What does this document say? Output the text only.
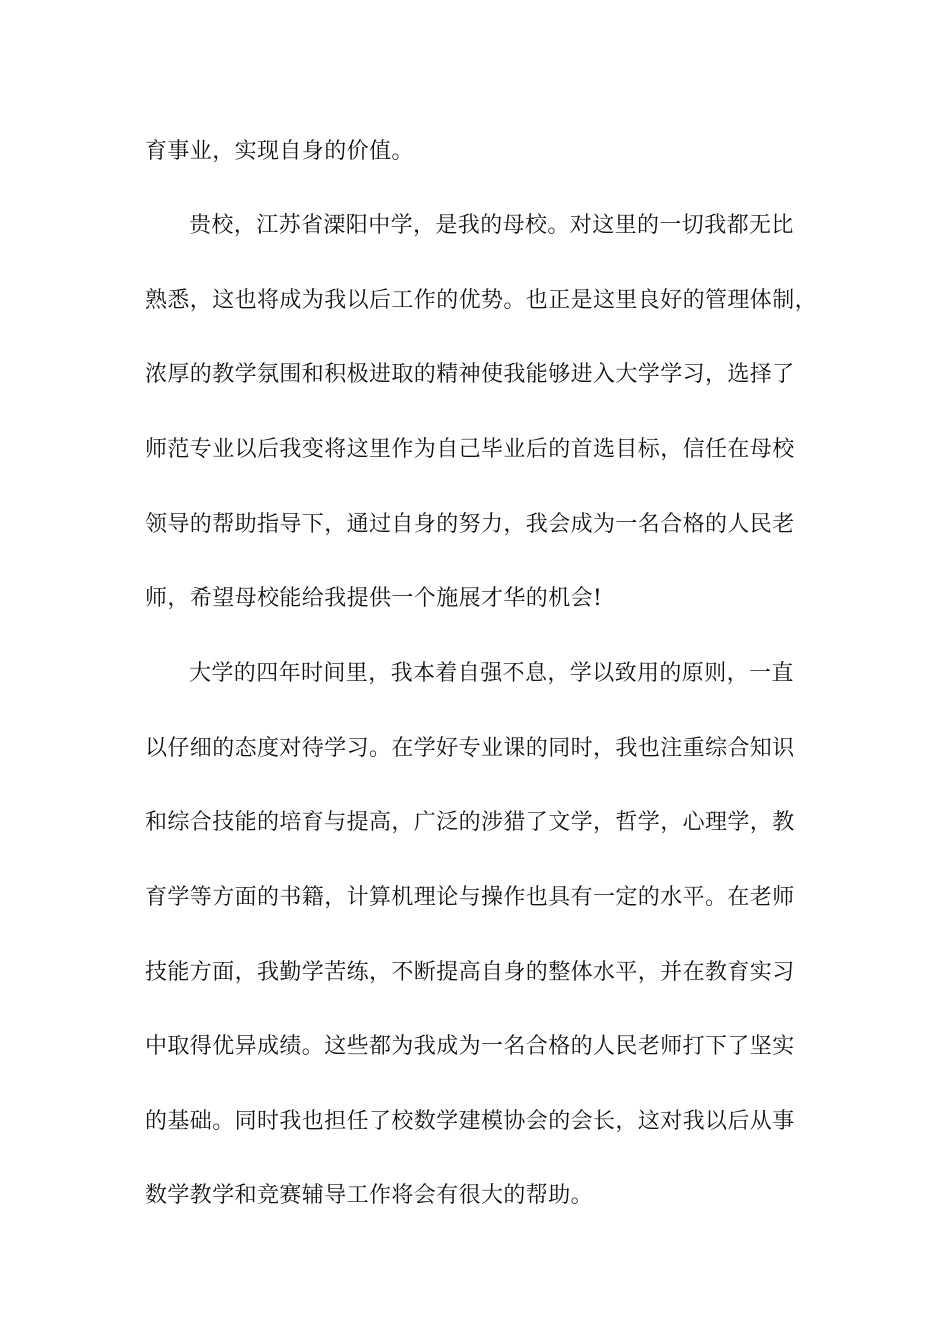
育事业，实现自身的价值。
贵校，江苏省溧阳中学，是我的母校。对这里的一切我都无比
熟悉，这也将成为我以后工作的优势。也正是这里良好的管理体制，
浓厚的教学氛围和积极进取的精神使我能够进入大学学习，选择了
师范专业以后我变将这里作为自己毕业后的首选目标，信任在母校
领导的帮助指导下，通过自身的努力，我会成为一名合格的人民老
师，希望母校能给我提供一个施展才华的机会!
大学的四年时间里，我本着自强不息，学以致用的原则，一直
以仔细的态度对待学习。在学好专业课的同时，我也注重综合知识
和综合技能的培育与提高，广泛的涉猎了文学，哲学，心理学，教
育学等方面的书籍，计算机理论与操作也具有一定的水平。在老师
技能方面，我勤学苦练，不断提高自身的整体水平，并在教育实习
中取得优异成绩。这些都为我成为一名合格的人民老师打下了坚实
的基础。同时我也担任了校数学建模协会的会长，这对我以后从事
数学教学和竞赛辅导工作将会有很大的帮助。
